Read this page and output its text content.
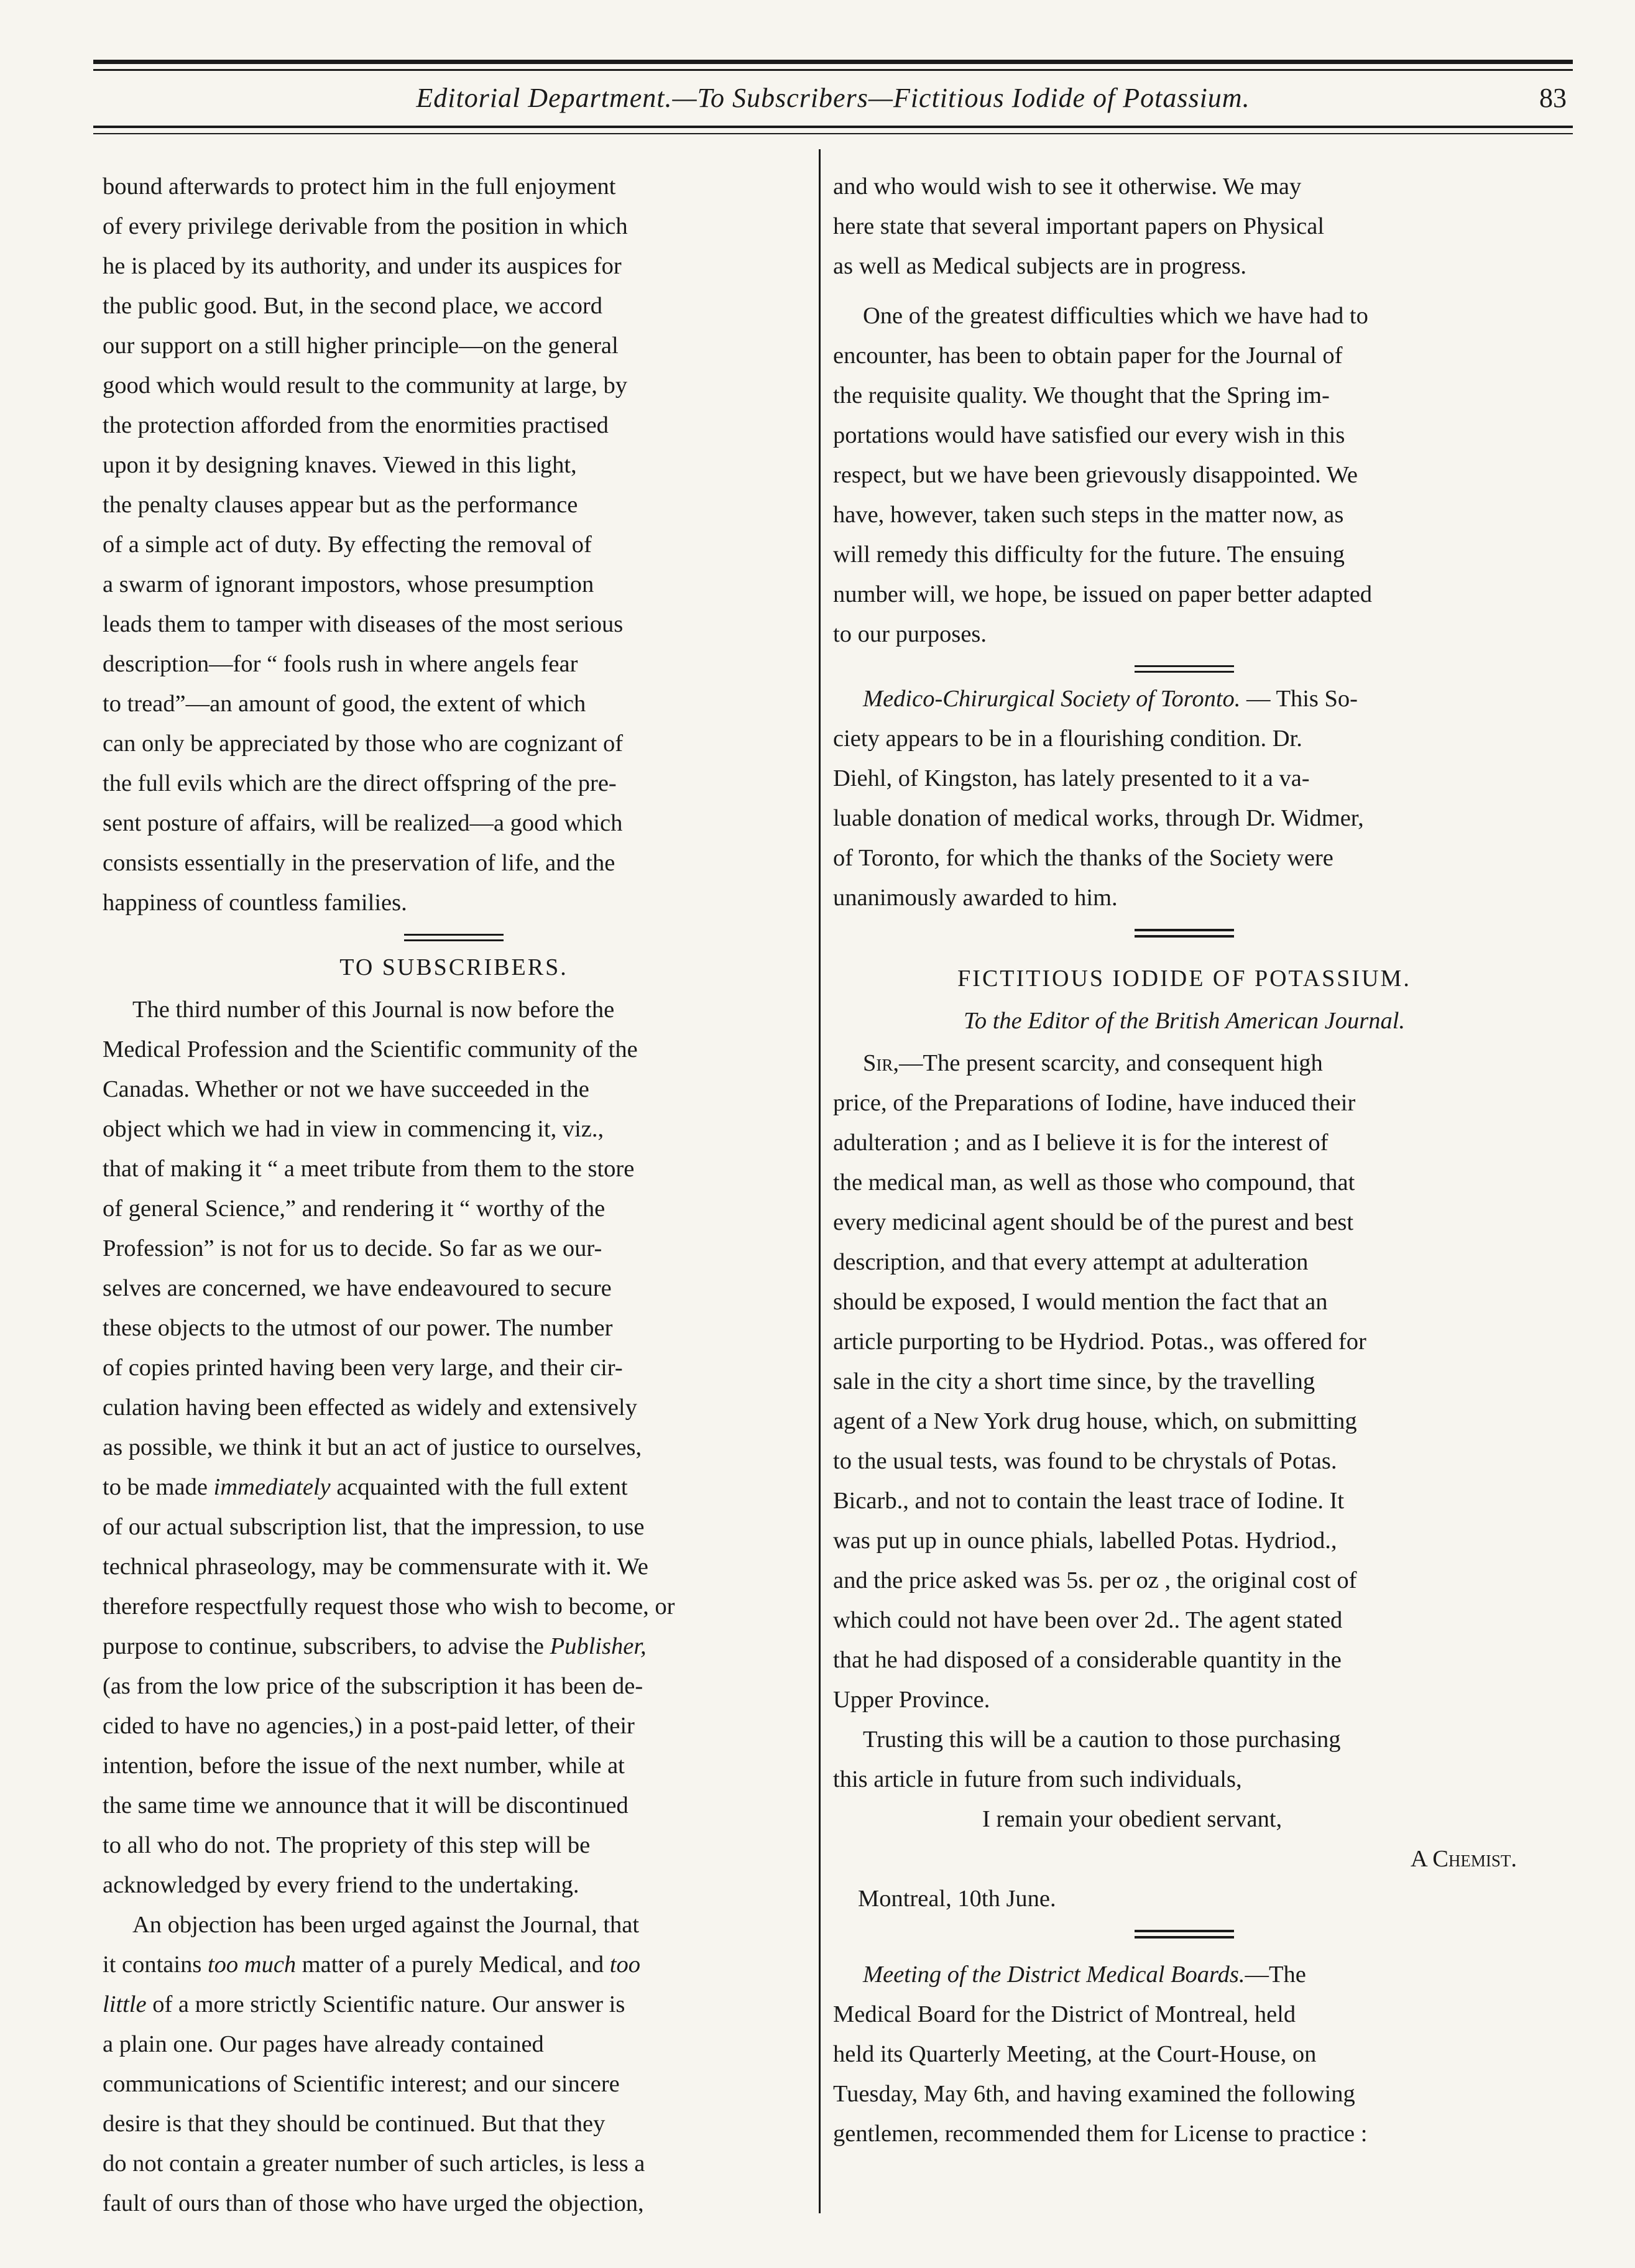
Editorial Department.—To Subscribers—Fictitious Iodide of Potassium.	83

bound afterwards to protect him in the full enjoyment
of every privilege derivable from the position in which
he is placed by its authority, and under its auspices for
the public good. But, in the second place, we accord
our support on a still higher principle—on the general
good which would result to the community at large, by
the protection afforded from the enormities practised
upon it by designing knaves. Viewed in this light,
the penalty clauses appear but as the performance
of a simple act of duty. By effecting the removal of
a swarm of ignorant impostors, whose presumption
leads them to tamper with diseases of the most serious
description—for “ fools rush in where angels fear
to tread”—an amount of good, the extent of which
can only be appreciated by those who are cognizant of
the full evils which are the direct offspring of the pre-
sent posture of affairs, will be realized—a good which
consists essentially in the preservation of life, and the
happiness of countless families.

TO SUBSCRIBERS.

The third number of this Journal is now before the
Medical Profession and the Scientific community of the
Canadas. Whether or not we have succeeded in the
object which we had in view in commencing it, viz.,
that of making it “ a meet tribute from them to the store
of general Science,” and rendering it “ worthy of the
Profession” is not for us to decide. So far as we our-
selves are concerned, we have endeavoured to secure
these objects to the utmost of our power. The number
of copies printed having been very large, and their cir-
culation having been effected as widely and extensively
as possible, we think it but an act of justice to ourselves,
to be made immediately acquainted with the full extent
of our actual subscription list, that the impression, to use
technical phraseology, may be commensurate with it. We
therefore respectfully request those who wish to become, or
purpose to continue, subscribers, to advise the Publisher,
(as from the low price of the subscription it has been de-
cided to have no agencies,) in a post-paid letter, of their
intention, before the issue of the next number, while at
the same time we announce that it will be discontinued
to all who do not. The propriety of this step will be
acknowledged by every friend to the undertaking.

An objection has been urged against the Journal, that
it contains too much matter of a purely Medical, and too
little of a more strictly Scientific nature. Our answer is
a plain one. Our pages have already contained
communications of Scientific interest; and our sincere
desire is that they should be continued. But that they
do not contain a greater number of such articles, is less a
fault of ours than of those who have urged the objection,

and who would wish to see it otherwise. We may
here state that several important papers on Physical
as well as Medical subjects are in progress.

One of the greatest difficulties which we have had to
encounter, has been to obtain paper for the Journal of
the requisite quality. We thought that the Spring im-
portations would have satisfied our every wish in this
respect, but we have been grievously disappointed. We
have, however, taken such steps in the matter now, as
will remedy this difficulty for the future. The ensuing
number will, we hope, be issued on paper better adapted
to our purposes.

Medico-Chirurgical Society of Toronto. — This So-
ciety appears to be in a flourishing condition. Dr.
Diehl, of Kingston, has lately presented to it a va-
luable donation of medical works, through Dr. Widmer,
of Toronto, for which the thanks of the Society were
unanimously awarded to him.

FICTITIOUS IODIDE OF POTASSIUM.
To the Editor of the British American Journal.

Sir,—The present scarcity, and consequent high
price, of the Preparations of Iodine, have induced their
adulteration ; and as I believe it is for the interest of
the medical man, as well as those who compound, that
every medicinal agent should be of the purest and best
description, and that every attempt at adulteration
should be exposed, I would mention the fact that an
article purporting to be Hydriod. Potas., was offered for
sale in the city a short time since, by the travelling
agent of a New York drug house, which, on submitting
to the usual tests, was found to be chrystals of Potas.
Bicarb., and not to contain the least trace of Iodine. It
was put up in ounce phials, labelled Potas. Hydriod.,
and the price asked was 5s. per oz , the original cost of
which could not have been over 2d.. The agent stated
that he had disposed of a considerable quantity in the
Upper Province.

Trusting this will be a caution to those purchasing
this article in future from such individuals,

I remain your obedient servant,
A Chemist.
Montreal, 10th June.

Meeting of the District Medical Boards.—The
Medical Board for the District of Montreal, held
held its Quarterly Meeting, at the Court-House, on
Tuesday, May 6th, and having examined the following
gentlemen, recommended them for License to practice :
